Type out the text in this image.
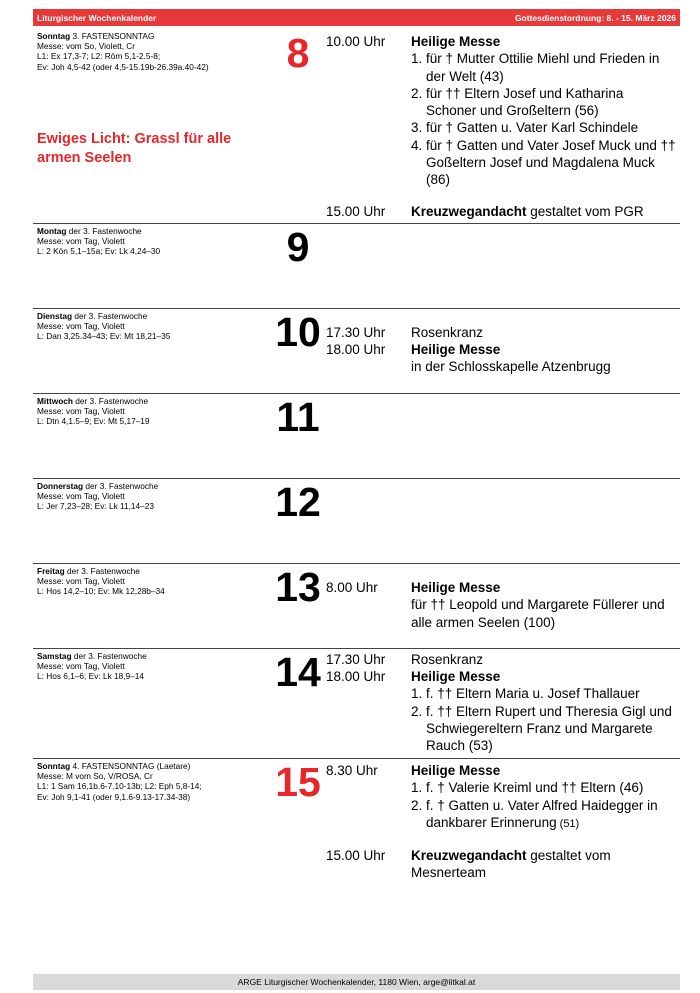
Liturgischer Wochenkalender	Gottesdienstordnung: 8. - 15. März 2026
Sonntag 3. FASTENSONNTAG
Messe: vom So, Violett, Cr
L1: Ex 17,3-7; L2: Röm 5,1-2.5-8;
Ev: Joh 4,5-42 (oder 4,5-15.19b-26.39a.40-42)	8
Ewiges Licht: Grassl für alle armen Seelen
10.00 Uhr	Heilige Messe
1. für † Mutter Ottilie Miehl und Frieden in der Welt (43)
2. für †† Eltern Josef und Katharina Schoner und Großeltern (56)
3. für † Gatten u. Vater Karl Schindele
4. für † Gatten und Vater Josef Muck und †† Goßeltern Josef und Magdalena Muck (86)
15.00 Uhr	Kreuzwegandacht gestaltet vom PGR
Montag der 3. Fastenwoche
Messe: vom Tag, Violett
L: 2 Kön 5,1–15a; Ev: Lk 4,24–30	9
Dienstag der 3. Fastenwoche
Messe: vom Tag, Violett
L: Dan 3,25.34–43; Ev: Mt 18,21–35	10 17.30 Uhr	Rosenkranz
18.00 Uhr	Heilige Messe
in der Schlosskapelle Atzenbrugg
Mittwoch der 3. Fastenwoche
Messe: vom Tag, Violett
L: Dtn 4,1.5–9; Ev: Mt 5,17–19	11
Donnerstag der 3. Fastenwoche
Messe: vom Tag, Violett
L: Jer 7,23–28; Ev: Lk 11,14–23	12
Freitag der 3. Fastenwoche
Messe: vom Tag, Violett
L: Hos 14,2–10; Ev: Mk 12,28b–34	13 8.00 Uhr	Heilige Messe
für †† Leopold und Margarete Füllerer und alle armen Seelen (100)
Samstag der 3. Fastenwoche
Messe: vom Tag, Violett
L: Hos 6,1–6; Ev: Lk 18,9–14	14 17.30 Uhr	Rosenkranz
18.00 Uhr Heilige Messe
1. f. †† Eltern Maria u. Josef Thallauer
2. f. †† Eltern Rupert und Theresia Gigl und Schwiegereltern Franz und Margarete Rauch (53)
Sonntag 4. FASTENSONNTAG (Laetare)
Messe: M vom So, V/ROSA, Cr
L1: 1 Sam 16,1b.6-7.10-13b; L2: Eph 5,8-14;
Ev: Joh 9,1-41 (oder 9,1.6-9.13-17.34-38)	15 8.30 Uhr	Heilige Messe
1. f. † Valerie Kreiml und †† Eltern (46)
2. f. † Gatten u. Vater Alfred Haidegger in dankbarer Erinnerung (51)
15.00 Uhr	Kreuzwegandacht gestaltet vom Mesnerteam
ARGE Liturgischer Wochenkalender, 1180 Wien, arge@litkal.at
